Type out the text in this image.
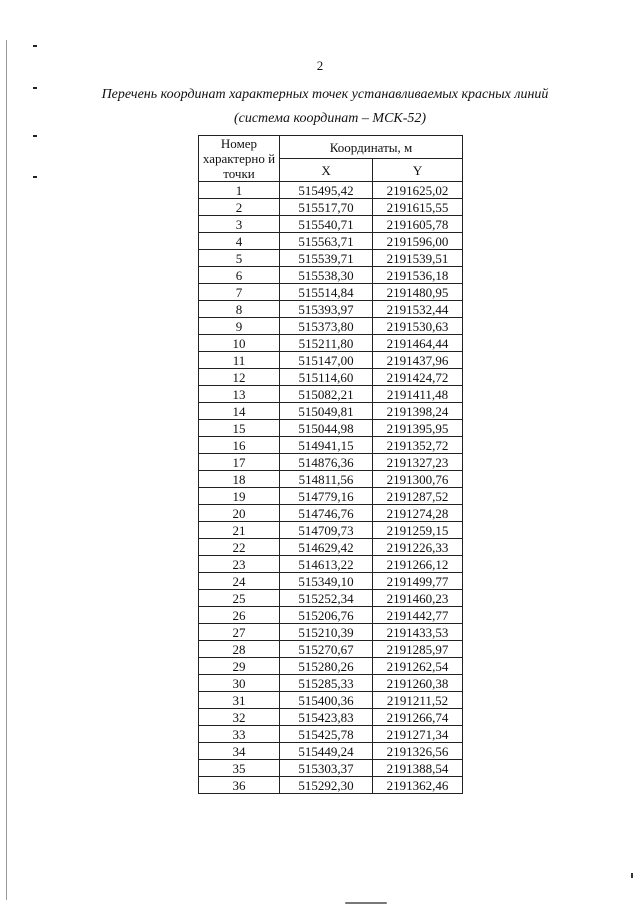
2
Перечень координат характерных точек устанавливаемых красных линий
(система координат – МСК-52)
Номер характерно й точки	Координаты, м	
	X	Y
1	515495,42	2191625,02
2	515517,70	2191615,55
3	515540,71	2191605,78
4	515563,71	2191596,00
5	515539,71	2191539,51
6	515538,30	2191536,18
7	515514,84	2191480,95
8	515393,97	2191532,44
9	515373,80	2191530,63
10	515211,80	2191464,44
11	515147,00	2191437,96
12	515114,60	2191424,72
13	515082,21	2191411,48
14	515049,81	2191398,24
15	515044,98	2191395,95
16	514941,15	2191352,72
17	514876,36	2191327,23
18	514811,56	2191300,76
19	514779,16	2191287,52
20	514746,76	2191274,28
21	514709,73	2191259,15
22	514629,42	2191226,33
23	514613,22	2191266,12
24	515349,10	2191499,77
25	515252,34	2191460,23
26	515206,76	2191442,77
27	515210,39	2191433,53
28	515270,67	2191285,97
29	515280,26	2191262,54
30	515285,33	2191260,38
31	515400,36	2191211,52
32	515423,83	2191266,74
33	515425,78	2191271,34
34	515449,24	2191326,56
35	515303,37	2191388,54
36	515292,30	2191362,46
